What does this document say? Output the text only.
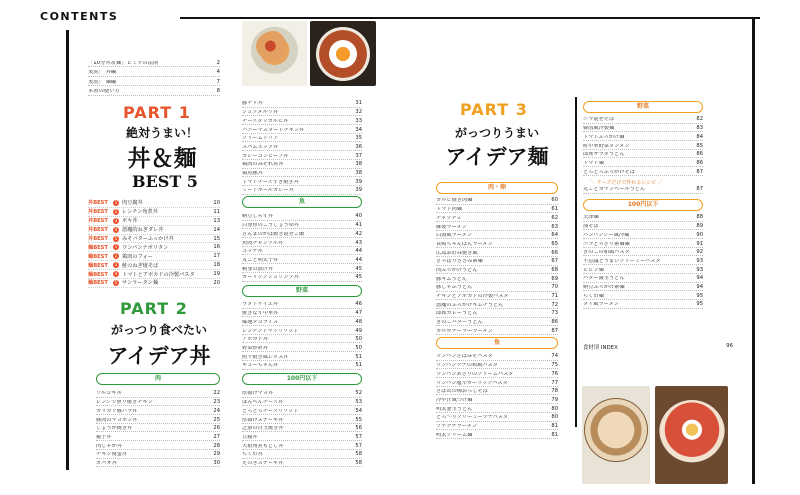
CONTENTS
「10分丼＆麺」ヒミツの法則	2
実況！ 丼編	4
実況！ 麺編	7
本書の使い方	8
PART 1
絶対うまい！
丼＆麺
BEST 5
丼BEST	1 肉豆腐丼	10
丼BEST	2 レンチン角煮丼	11
丼BEST	3 ポキ丼	13
丼BEST	4 悪魔的ねぎダレ丼	14
丼BEST	5 みそバターふっかけ丼	15
麺BEST	1 ワンパンナポリタン	16
麺BEST	2 鶏肉のフォー	17
麺BEST	3 鮭のねぎ焼そば	18
麺BEST	4 トマトとアボカドの冷製パスタ	19
麺BEST	5 サンラータン麺	20
PART 2
がっつり食べたい
アイデア丼
肉
ブルコギ丼	22
レンジで照り焼きチキン	23
カリカリ豚バラ丼	24
豚肉のマヨポン丼	25
しょうが焼き丼	26
親子丼	27
肉じゃが丼	28
チキン南蛮丼	29
ガパオ丼	30
豚チリ丼	31
シュクメルリ丼	32
チーズタッカルビ丼	33
ハニーマスタードチキン丼	34
クリームドリア	35
スパムエッグ丼	36
カレーコンビーフ丼	37
鶏肉のみぞれ煮丼	38
鶏煮豚丼	38
トマトチーズすき焼き丼	39
ミートボールカレー丼	39
魚
納豆しらす丼	40
白身魚のこうしょうゆ丼	41
さんまのかば焼き混ぜご飯	42
魚肉チャンプル丼	43
ユッケ丼	44
丸ごと明太子丼	44
刺身の漬け丼	45
ガーリックシュリンプ丼	45
野菜
ラタトゥイユ丼	46
焼きなす中華丼	47
爆速タコライス	48
レンチントマトリゾット	49
アボカド丼	50
野菜炒め丼	50
照り焼き風レタス丼	51
キューちゃん丼	51
100円以下
厚揚げマヨ丼	52
はんぺんチーズ丼	53
とろとろチーズリゾット	54
厚揚げステーキ丼	55
芝漬の目玉焼き丼	56
豆腐丼	57
大根角煮もどし丼	57
ちくわ丼	58
えのきステーキ丼	58
PART 3
がっつりうまい
アイデア麺
肉・卵
カルビ焼き肉麺	60
トマト肉麺	61
チャプチェ	62
麻婆ラーメン	63
白湯風ラーメン	64
長崎ちゃんぽんラーメン	65
広島お好み焼き風	66
さっぱりささみ素麺	67
肉ぶっかけうどん	68
豚キムうどん	69
豚しゃぶうどん	70
チキンとアボカドの冷製パスタ	71
悪魔のぶっかけキムチうどん	72
即席カレーうどん	73
きのこバターうどん	86
カルボナーラーラーメン	87
魚
ワンパンさばみそパスタ	74
ワンパンツナの和風パスタ	75
ワンパンあさりのクリームパスタ	76
ワンパン塩辛ガーリックパスタ	77
さば缶の梅おろしそば	78
冷や汁風つけ麺	79
明太釜玉うどん	80
とろ～りクリーミーツナパスタ	80
ブデチゲラーメン	81
明太クリーム麺	81
野菜
ニラ混ぜそば	82
韓国風冷製麺	83
トマトぶっかけ麺	84
町中華野菜タンメン	85
即席サラダうどん	86
トマト麺	86
とろとろぶっかけそば	87
＼ チーズだけで作れるレシピ ／
丸ごとカマンベールうどん	87
100円以下
天津麺	88
油そば	89
バンバンジー風冷麺	90
ニラどっさり素麺麺	91
きのこの和風パスタ	92
不思議とうまいクリーミーパスタ	93
ビビン麺	93
バター醤玉うどん	94
納豆ぶっかけ素麺	94
ちくわ麺	95
タイ風ラーメン	95
食材別 INDEX	96
